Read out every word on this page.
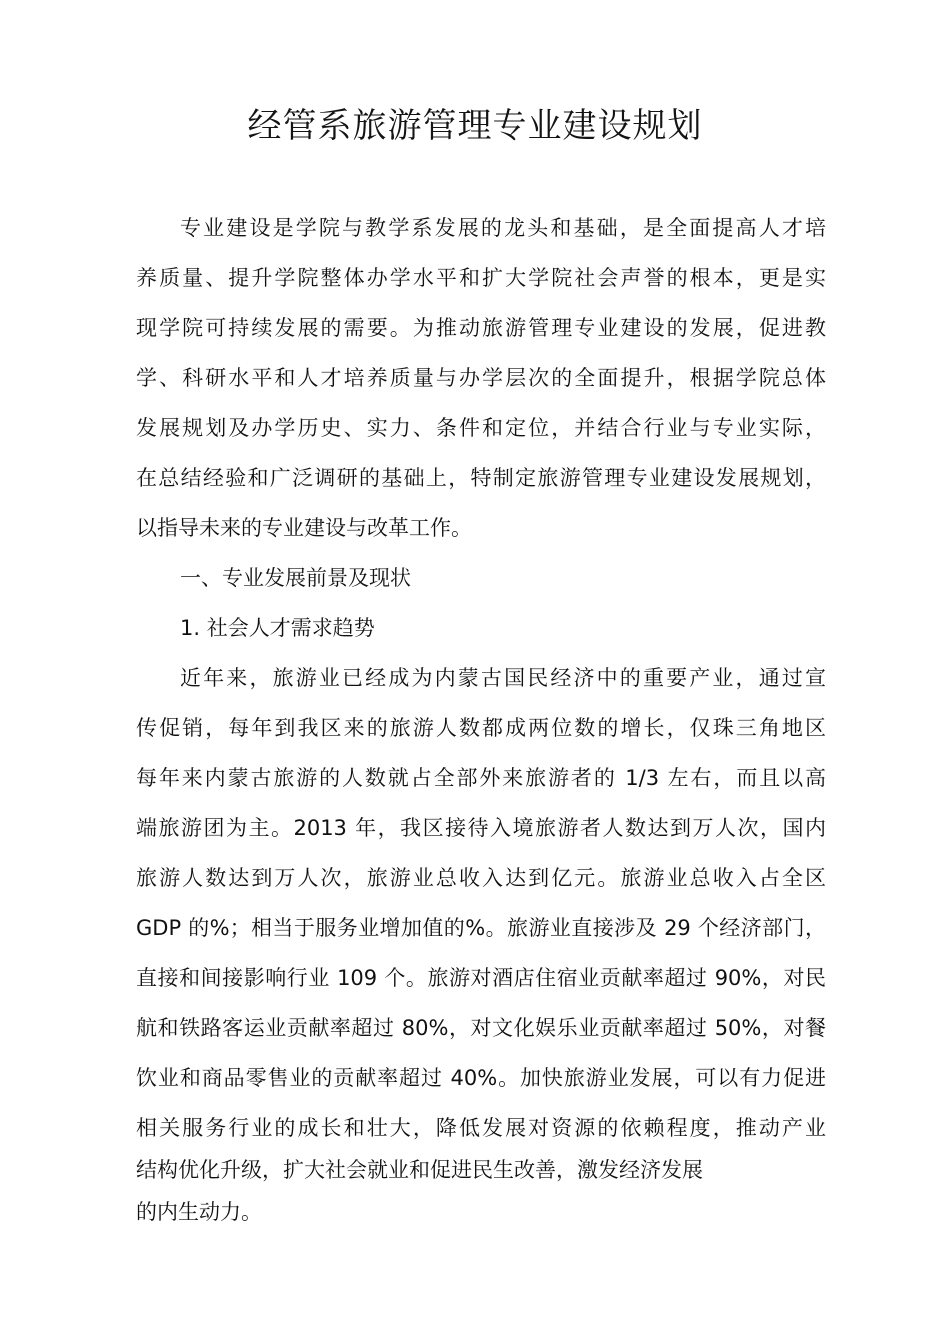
经管系旅游管理专业建设规划
专业建设是学院与教学系发展的龙头和基础，是全面提高人才培
养质量、提升学院整体办学水平和扩大学院社会声誉的根本，更是实
现学院可持续发展的需要。为推动旅游管理专业建设的发展，促进教
学、科研水平和人才培养质量与办学层次的全面提升，根据学院总体
发展规划及办学历史、实力、条件和定位，并结合行业与专业实际，
在总结经验和广泛调研的基础上，特制定旅游管理专业建设发展规划，
以指导未来的专业建设与改革工作。
一、专业发展前景及现状
1. 社会人才需求趋势
近年来，旅游业已经成为内蒙古国民经济中的重要产业，通过宣
传促销，每年到我区来的旅游人数都成两位数的增长，仅珠三角地区
每年来内蒙古旅游的人数就占全部外来旅游者的 1/3 左右，而且以高
端旅游团为主。2013 年，我区接待入境旅游者人数达到万人次，国内
旅游人数达到万人次，旅游业总收入达到亿元。旅游业总收入占全区
GDP 的%；相当于服务业增加值的%。旅游业直接涉及 29 个经济部门，
直接和间接影响行业 109 个。旅游对酒店住宿业贡献率超过 90%，对民
航和铁路客运业贡献率超过 80%，对文化娱乐业贡献率超过 50%，对餐
饮业和商品零售业的贡献率超过 40%。加快旅游业发展，可以有力促进
相关服务行业的成长和壮大，降低发展对资源的依赖程度，推动产业
结构优化升级，扩大社会就业和促进民生改善，激发经济发展
的内生动力。
